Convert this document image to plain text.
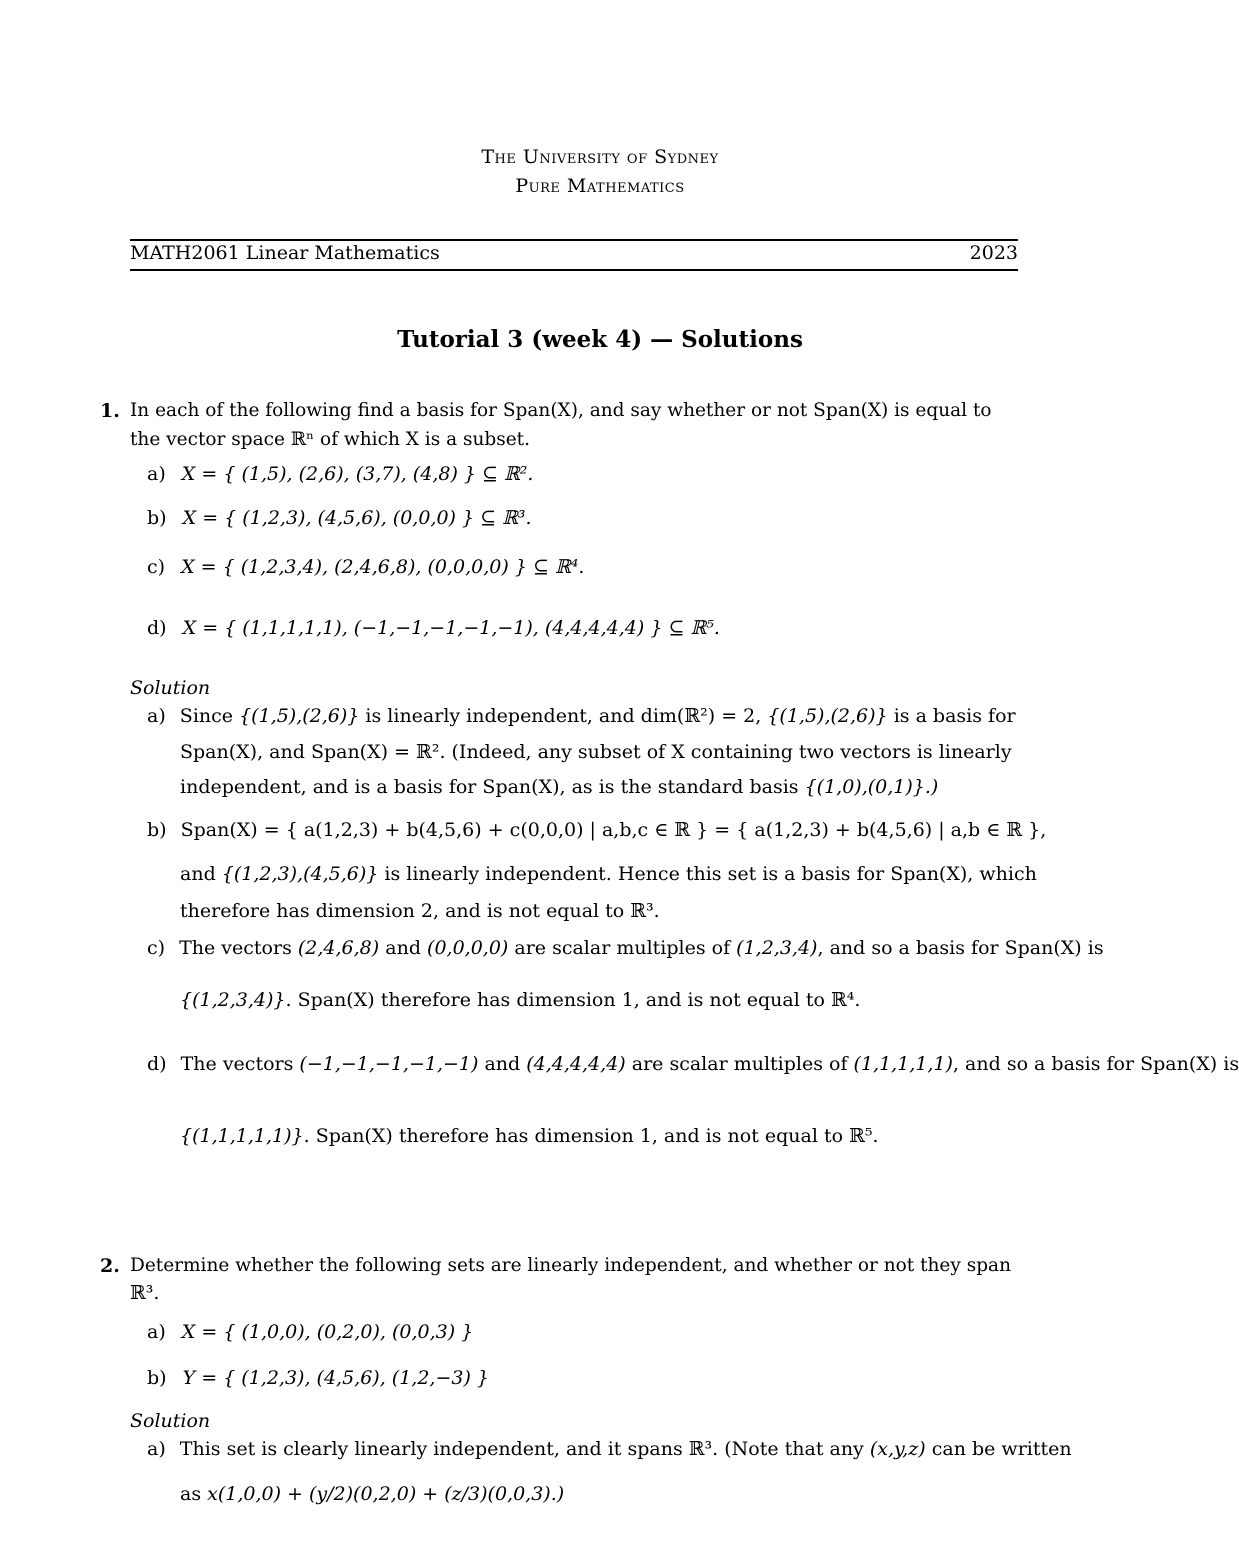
The University of Sydney
Pure Mathematics
MATH2061 Linear Mathematics	2023
Tutorial 3 (week 4) — Solutions
1. In each of the following find a basis for Span(X), and say whether or not Span(X) is equal to
the vector space ℝⁿ of which X is a subset.
a) X = { (1,5), (2,6), (3,7), (4,8) } ⊆ ℝ².
b) X = { (1,2,3), (4,5,6), (0,0,0) } ⊆ ℝ³.
c) X = { (1,2,3,4), (2,4,6,8), (0,0,0,0) } ⊆ ℝ⁴.
d) X = { (1,1,1,1,1), (−1,−1,−1,−1,−1), (4,4,4,4,4) } ⊆ ℝ⁵.
Solution
a) Since {(1,5),(2,6)} is linearly independent, and dim(ℝ²) = 2, {(1,5),(2,6)} is a basis for
Span(X), and Span(X) = ℝ². (Indeed, any subset of X containing two vectors is linearly
independent, and is a basis for Span(X), as is the standard basis {(1,0),(0,1)}.)
b) Span(X) = { a(1,2,3) + b(4,5,6) + c(0,0,0) | a,b,c ∈ ℝ } = { a(1,2,3) + b(4,5,6) | a,b ∈ ℝ },
and {(1,2,3),(4,5,6)} is linearly independent. Hence this set is a basis for Span(X), which
therefore has dimension 2, and is not equal to ℝ³.
c) The vectors (2,4,6,8) and (0,0,0,0) are scalar multiples of (1,2,3,4), and so a basis for Span(X) is
{(1,2,3,4)}. Span(X) therefore has dimension 1, and is not equal to ℝ⁴.
d) The vectors (−1,−1,−1,−1,−1) and (4,4,4,4,4) are scalar multiples of (1,1,1,1,1), and so a basis for Span(X) is
{(1,1,1,1,1)}. Span(X) therefore has dimension 1, and is not equal to ℝ⁵.
2. Determine whether the following sets are linearly independent, and whether or not they span
ℝ³.
a) X = { (1,0,0), (0,2,0), (0,0,3) }
b) Y = { (1,2,3), (4,5,6), (1,2,−3) }
Solution
a) This set is clearly linearly independent, and it spans ℝ³. (Note that any (x,y,z) can be written
as x(1,0,0) + (y/2)(0,2,0) + (z/3)(0,0,3).)
